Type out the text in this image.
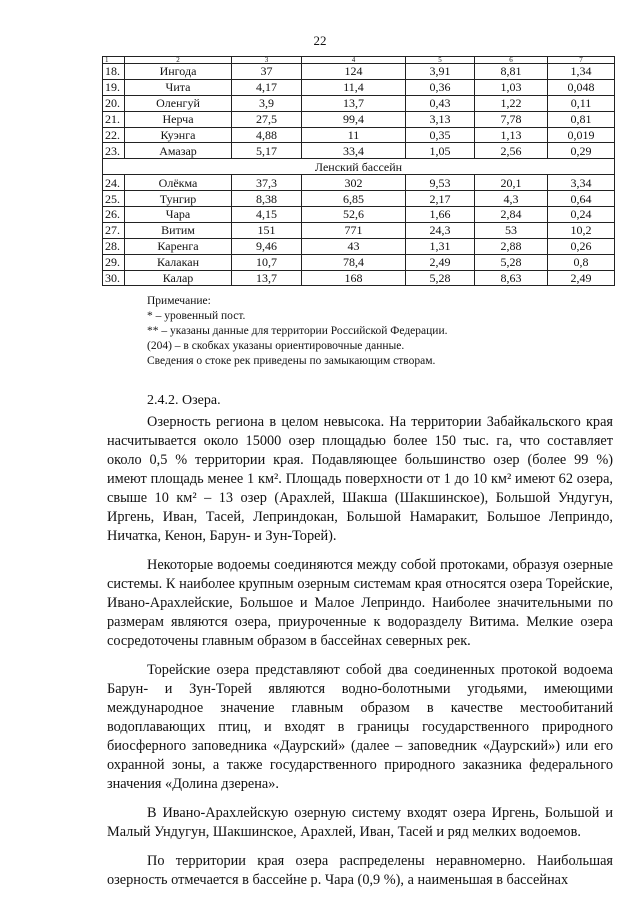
22
1	2	3	4	5	6	7
18.	Ингода	37	124	3,91	8,81	1,34
19.	Чита	4,17	11,4	0,36	1,03	0,048
20.	Оленгуй	3,9	13,7	0,43	1,22	0,11
21.	Нерча	27,5	99,4	3,13	7,78	0,81
22.	Куэнга	4,88	11	0,35	1,13	0,019
23.	Амазар	5,17	33,4	1,05	2,56	0,29
Ленский бассейн						
24.	Олёкма	37,3	302	9,53	20,1	3,34
25.	Тунгир	8,38	6,85	2,17	4,3	0,64
26.	Чара	4,15	52,6	1,66	2,84	0,24
27.	Витим	151	771	24,3	53	10,2
28.	Каренга	9,46	43	1,31	2,88	0,26
29.	Калакан	10,7	78,4	2,49	5,28	0,8
30.	Калар	13,7	168	5,28	8,63	2,49
Примечание:
* – уровенный пост.
** – указаны данные для территории Российской Федерации.
(204) – в скобках указаны ориентировочные данные.
Сведения о стоке рек приведены по замыкающим створам.
2.4.2. Озера.

Озерность региона в целом невысока. На территории Забайкальского края насчитывается около 15000 озер площадью более 150 тыс. га, что составляет около 0,5 % территории края. Подавляющее большинство озер (более 99 %) имеют площадь менее 1 км². Площадь поверхности от 1 до 10 км² имеют 62 озера, свыше 10 км² – 13 озер (Арахлей, Шакша (Шакшинское), Большой Ундугун, Иргень, Иван, Тасей, Леприндокан, Большой Намаракит, Большое Леприндо, Ничатка, Кенон, Барун- и Зун-Торей).

Некоторые водоемы соединяются между собой протоками, образуя озерные системы. К наиболее крупным озерным системам края относятся озера Торейские, Ивано-Арахлейские, Большое и Малое Леприндо. Наиболее значительными по размерам являются озера, приуроченные к водоразделу Витима. Мелкие озера сосредоточены главным образом в бассейнах северных рек.

Торейские озера представляют собой два соединенных протокой водоема Барун- и Зун-Торей являются водно-болотными угодьями, имеющими международное значение главным образом в качестве местообитаний водоплавающих птиц, и входят в границы государственного природного биосферного заповедника «Даурский» (далее – заповедник «Даурский») или его охранной зоны, а также государственного природного заказника федерального значения «Долина дзерена».

В Ивано-Арахлейскую озерную систему входят озера Иргень, Большой и Малый Ундугун, Шакшинское, Арахлей, Иван, Тасей и ряд мелких водоемов.

По территории края озера распределены неравномерно. Наибольшая озерность отмечается в бассейне р. Чара (0,9 %), а наименьшая в бассейнах
